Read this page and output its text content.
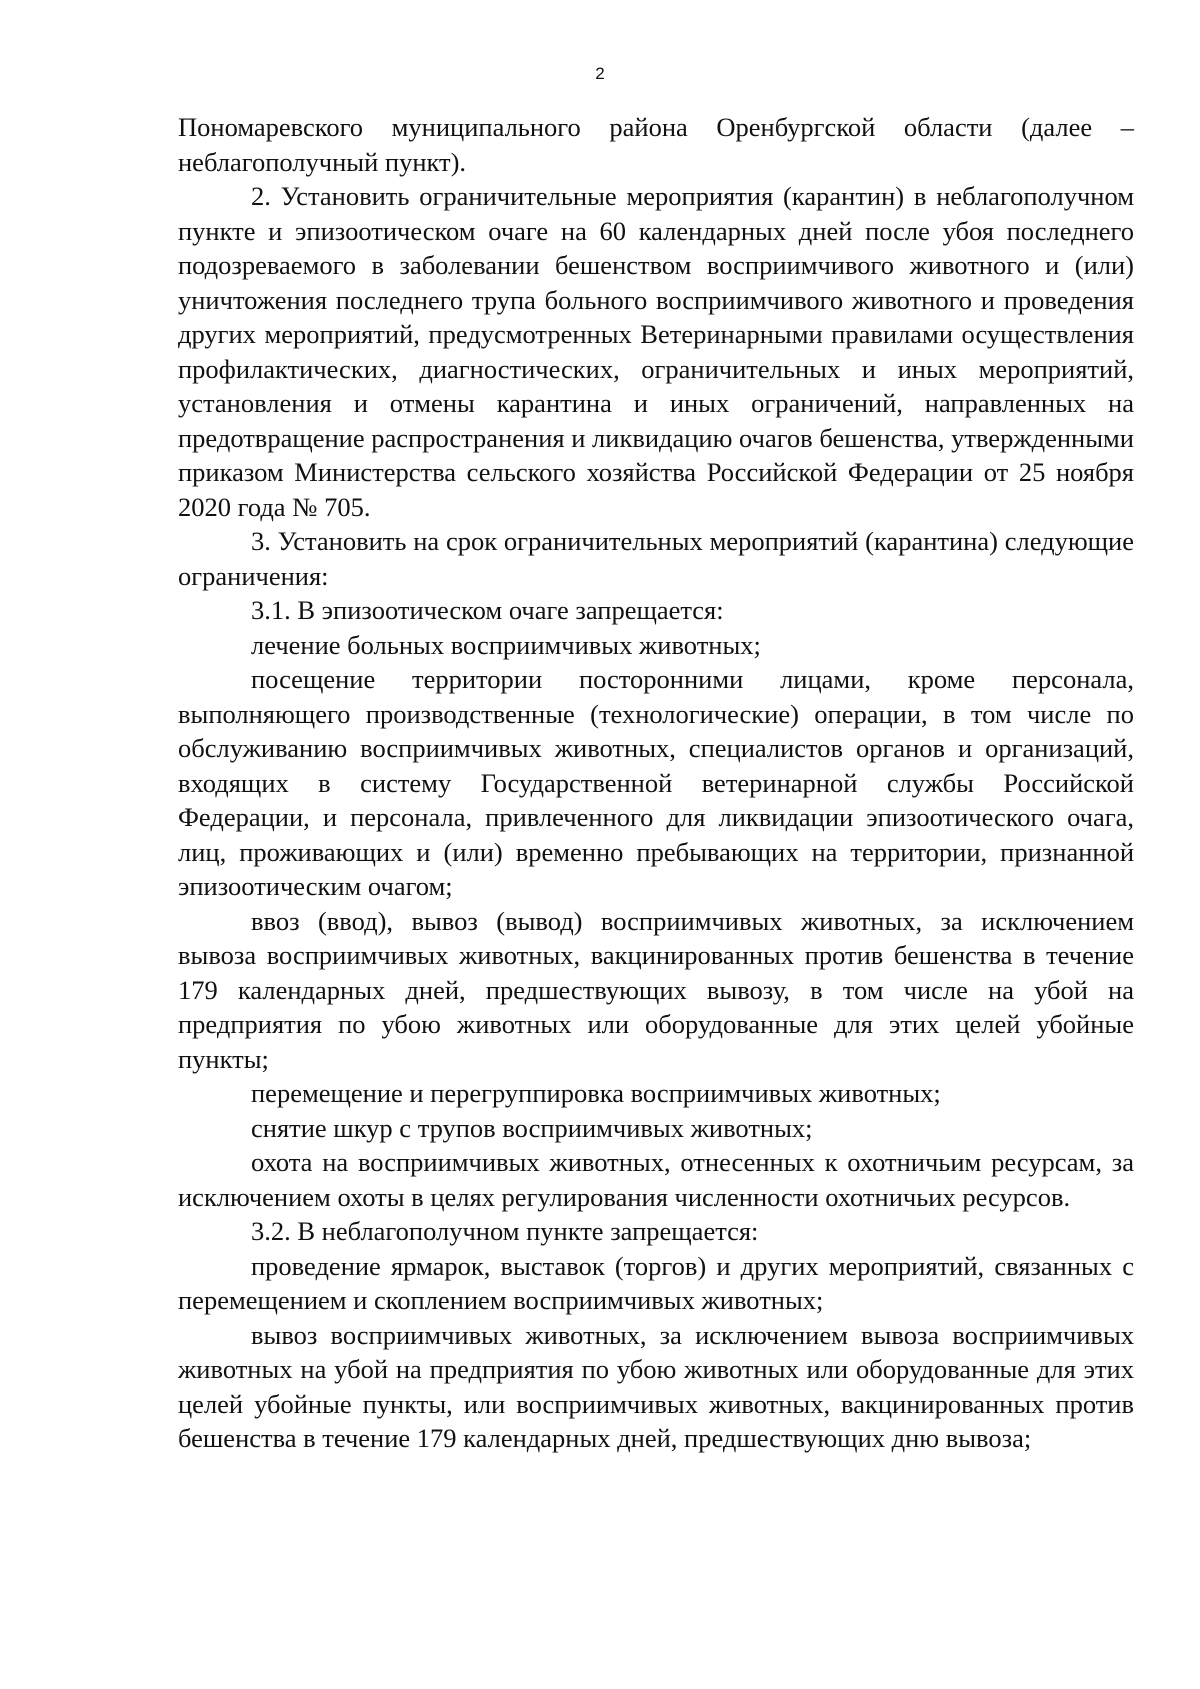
2

Пономаревского муниципального района Оренбургской области (далее – неблагополучный пункт).

2. Установить ограничительные мероприятия (карантин) в неблагополучном пункте и эпизоотическом очаге на 60 календарных дней после убоя последнего подозреваемого в заболевании бешенством восприимчивого животного и (или) уничтожения последнего трупа больного восприимчивого животного и проведения других мероприятий, предусмотренных Ветеринарными правилами осуществления профилактических, диагностических, ограничительных и иных мероприятий, установления и отмены карантина и иных ограничений, направленных на предотвращение распространения и ликвидацию очагов бешенства, утвержденными приказом Министерства сельского хозяйства Российской Федерации от 25 ноября 2020 года № 705.

3. Установить на срок ограничительных мероприятий (карантина) следующие ограничения:

3.1. В эпизоотическом очаге запрещается:

лечение больных восприимчивых животных;

посещение территории посторонними лицами, кроме персонала, выполняющего производственные (технологические) операции, в том числе по обслуживанию восприимчивых животных, специалистов органов и организаций, входящих в систему Государственной ветеринарной службы Российской Федерации, и персонала, привлеченного для ликвидации эпизоотического очага, лиц, проживающих и (или) временно пребывающих на территории, признанной эпизоотическим очагом;

ввоз (ввод), вывоз (вывод) восприимчивых животных, за исключением вывоза восприимчивых животных, вакцинированных против бешенства в течение 179 календарных дней, предшествующих вывозу, в том числе на убой на предприятия по убою животных или оборудованные для этих целей убойные пункты;

перемещение и перегруппировка восприимчивых животных;

снятие шкур с трупов восприимчивых животных;

охота на восприимчивых животных, отнесенных к охотничьим ресурсам, за исключением охоты в целях регулирования численности охотничьих ресурсов.

3.2. В неблагополучном пункте запрещается:

проведение ярмарок, выставок (торгов) и других мероприятий, связанных с перемещением и скоплением восприимчивых животных;

вывоз восприимчивых животных, за исключением вывоза восприимчивых животных на убой на предприятия по убою животных или оборудованные для этих целей убойные пункты, или восприимчивых животных, вакцинированных против бешенства в течение 179 календарных дней, предшествующих дню вывоза;
